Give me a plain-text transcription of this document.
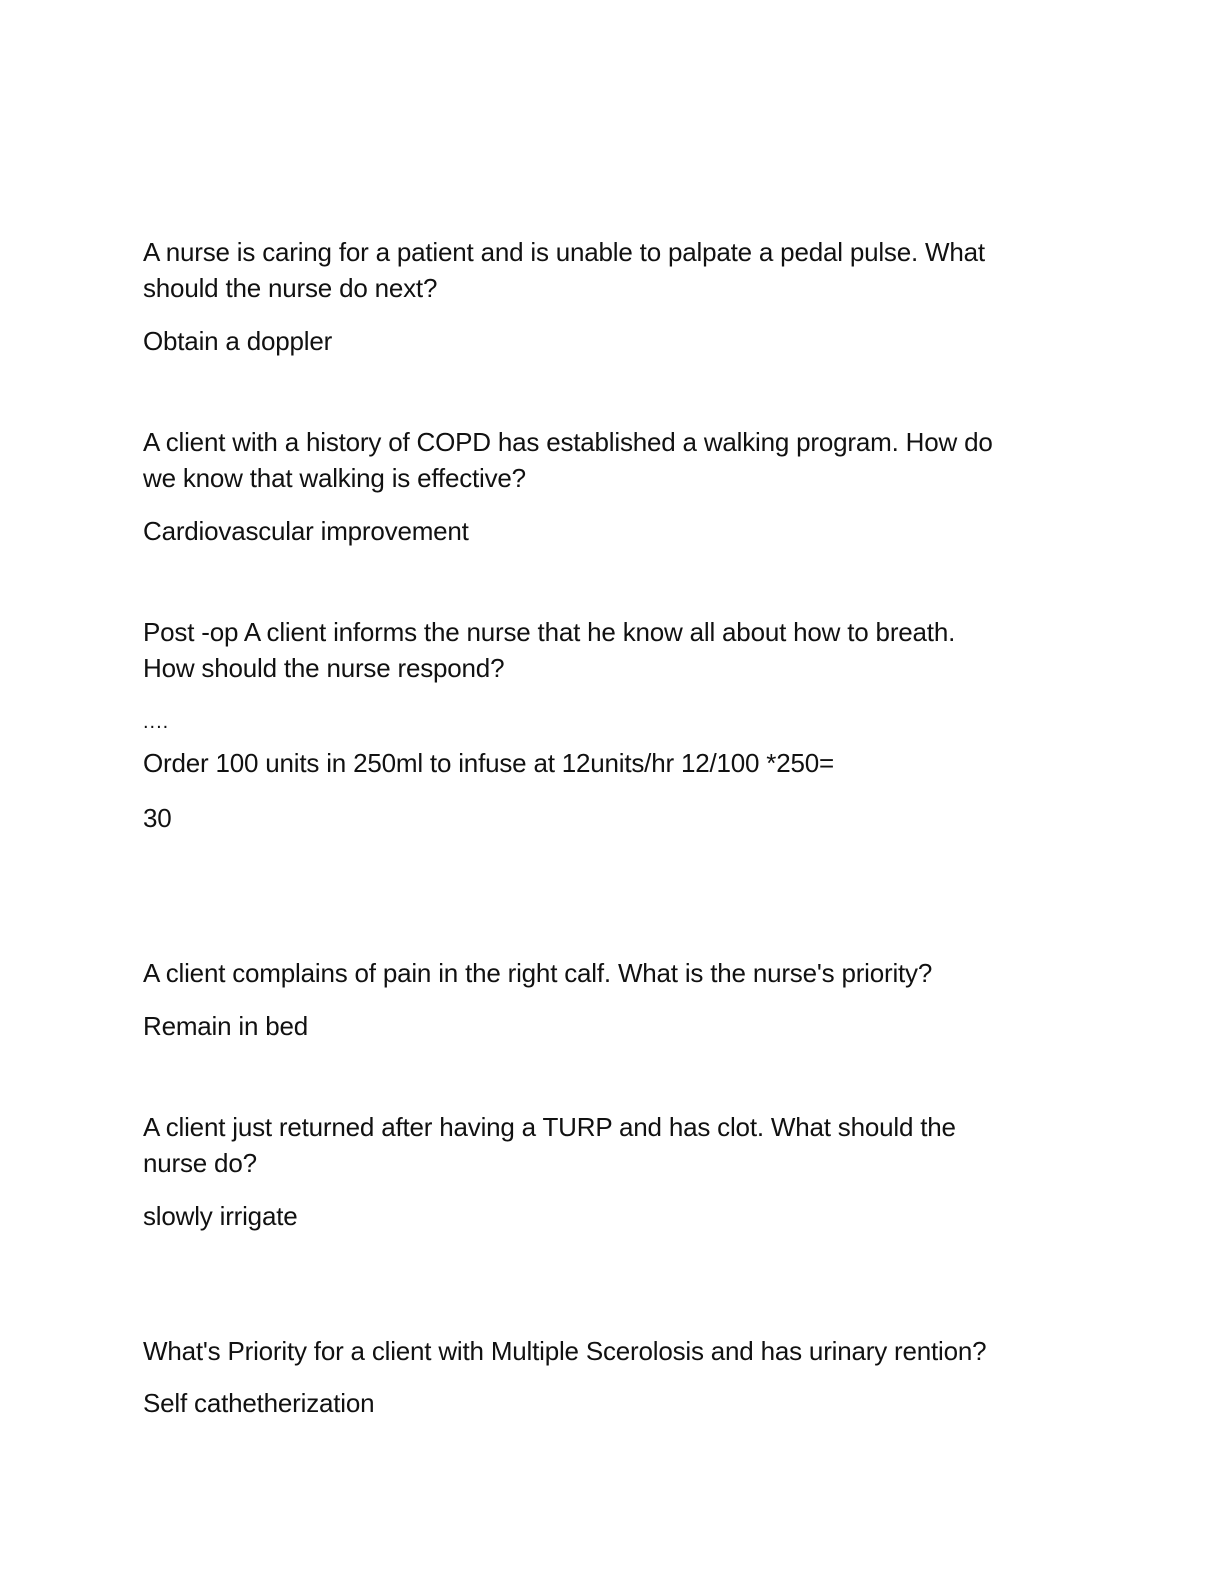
A nurse is caring for a patient and is unable to palpate a pedal pulse. What
should the nurse do next?
Obtain a doppler
A client with a history of COPD has established a walking program. How do
we know that walking is effective?
Cardiovascular improvement
Post -op A client informs the nurse that he know all about how to breath.
How should the nurse respond?
....
Order 100 units in 250ml to infuse at 12units/hr 12/100 *250=
30
A client complains of pain in the right calf. What is the nurse's priority?
Remain in bed
A client just returned after having a TURP and has clot. What should the
nurse do?
slowly irrigate
What's Priority for a client with Multiple Scerolosis and has urinary rention?
Self cathetherization
